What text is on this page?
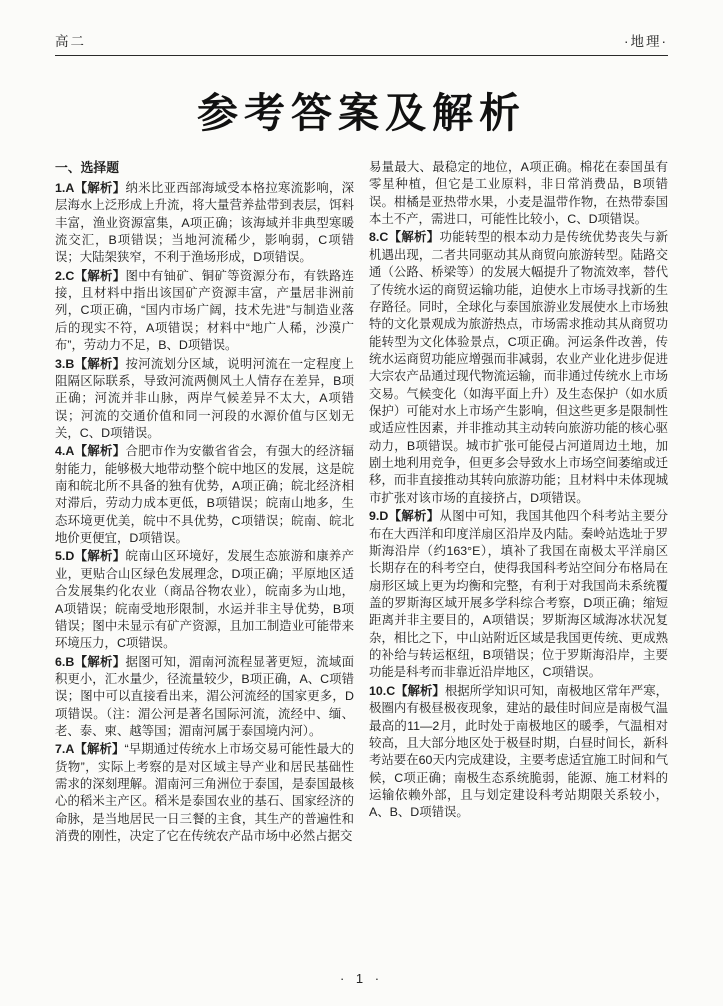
高二	·地理·
参考答案及解析
一、选择题

1.A【解析】纳米比亚西部海域受本格拉寒流影响，深层海水上泛形成上升流，将大量营养盐带到表层，饵料丰富，渔业资源富集，A项正确；该海域并非典型寒暖流交汇，B项错误；当地河流稀少，影响弱，C项错误；大陆架狭窄，不利于渔场形成，D项错误。

2.C【解析】图中有铀矿、铜矿等资源分布，有铁路连接，且材料中指出该国矿产资源丰富，产量居非洲前列，C项正确，“国内市场广阔，技术先进”与制造业落后的现实不符，A项错误；材料中“地广人稀，沙漠广布”，劳动力不足，B、D项错误。

3.B【解析】按河流划分区域，说明河流在一定程度上阻隔区际联系，导致河流两侧风土人情存在差异，B项正确；河流并非山脉，两岸气候差异不太大，A项错误；河流的交通价值和同一河段的水源价值与区划无关，C、D项错误。

4.A【解析】合肥市作为安徽省省会，有强大的经济辐射能力，能够极大地带动整个皖中地区的发展，这是皖南和皖北所不具备的独有优势，A项正确；皖北经济相对滞后，劳动力成本更低，B项错误；皖南山地多，生态环境更优美，皖中不具优势，C项错误；皖南、皖北地价更便宜，D项错误。

5.D【解析】皖南山区环境好，发展生态旅游和康养产业，更贴合山区绿色发展理念，D项正确；平原地区适合发展集约化农业（商品谷物农业），皖南多为山地，A项错误；皖南受地形限制，水运并非主导优势，B项错误；图中未显示有矿产资源，且加工制造业可能带来环境压力，C项错误。

6.B【解析】据图可知，湄南河流程显著更短，流域面积更小，汇水量少，径流量较少，B项正确，A、C项错误；图中可以直接看出来，湄公河流经的国家更多，D项错误。（注：湄公河是著名国际河流，流经中、缅、老、泰、柬、越等国；湄南河属于泰国境内河）。

7.A【解析】“早期通过传统水上市场交易可能性最大的货物”，实际上考察的是对区域主导产业和居民基础性需求的深刻理解。湄南河三角洲位于泰国，是泰国最核心的稻米主产区。稻米是泰国农业的基石、国家经济的命脉，是当地居民一日三餐的主食，其生产的普遍性和消费的刚性，决定了它在传统农产品市场中必然占据交

易量最大、最稳定的地位，A项正确。棉花在泰国虽有零星种植，但它是工业原料，非日常消费品，B项错误。柑橘是亚热带水果，小麦是温带作物，在热带泰国本土不产，需进口，可能性比较小，C、D项错误。

8.C【解析】功能转型的根本动力是传统优势丧失与新机遇出现，二者共同驱动其从商贸向旅游转型。陆路交通（公路、桥梁等）的发展大幅提升了物流效率，替代了传统水运的商贸运输功能，迫使水上市场寻找新的生存路径。同时，全球化与泰国旅游业发展使水上市场独特的文化景观成为旅游热点，市场需求推动其从商贸功能转型为文化体验景点，C项正确。河运条件改善，传统水运商贸功能应增强而非减弱，农业产业化进步促进大宗农产品通过现代物流运输，而非通过传统水上市场交易。气候变化（如海平面上升）及生态保护（如水质保护）可能对水上市场产生影响，但这些更多是限制性或适应性因素，并非推动其主动转向旅游功能的核心驱动力，B项错误。城市扩张可能侵占河道周边土地，加剧土地利用竞争，但更多会导致水上市场空间萎缩或迁移，而非直接推动其转向旅游功能；且材料中未体现城市扩张对该市场的直接挤占，D项错误。

9.D【解析】从图中可知，我国其他四个科考站主要分布在大西洋和印度洋扇区沿岸及内陆。秦岭站选址于罗斯海沿岸（约163°E），填补了我国在南极太平洋扇区长期存在的科考空白，使得我国科考站空间分布格局在扇形区域上更为均衡和完整，有利于对我国尚未系统覆盖的罗斯海区域开展多学科综合考察，D项正确；缩短距离并非主要目的，A项错误；罗斯海区域海冰状况复杂，相比之下，中山站附近区域是我国更传统、更成熟的补给与转运枢纽，B项错误；位于罗斯海沿岸，主要功能是科考而非靠近沿岸地区，C项错误。

10.C【解析】根据所学知识可知，南极地区常年严寒，极圈内有极昼极夜现象，建站的最佳时间应是南极气温最高的11—2月，此时处于南极地区的暖季，气温相对较高，且大部分地区处于极昼时期，白昼时间长，新科考站要在60天内完成建设，主要考虑适宜施工时间和气候，C项正确；南极生态系统脆弱，能源、施工材料的运输依赖外部，且与划定建设科考站期限关系较小，A、B、D项错误。

· 1 ·
